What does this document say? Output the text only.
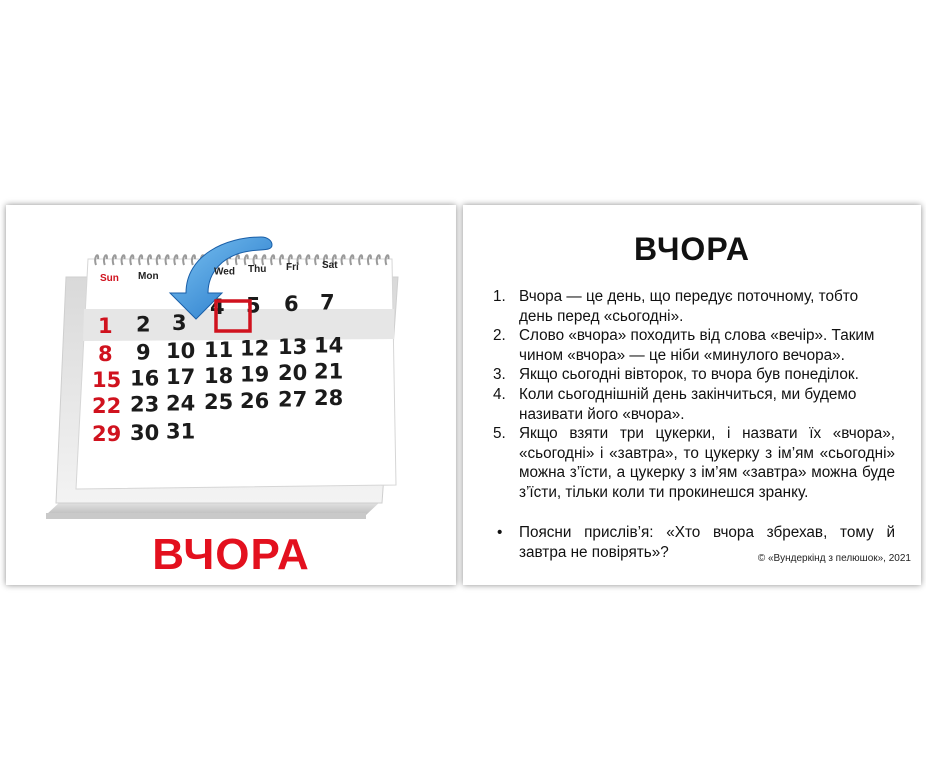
Sun Mon	Wed Thu Fri Sat
4 5 6 7
1 2 3
8 9 10 11 12 13 14
15 16 17 18 19 20 21
22 23 24 25 26 27 28
29 30 31
ВЧОРА
ВЧОРА
1. Вчора — це день, що передує поточному, тобто день перед «сьогодні».
2. Слово «вчора» походить від слова «вечір». Таким чином «вчора» — це ніби «минулого вечора».
3. Якщо сьогодні вівторок, то вчора був понеділок.
4. Коли сьогоднішній день закінчиться, ми будемо називати його «вчора».
5. Якщо взяти три цукерки, і назвати їх «вчора», «сьогодні» і «завтра», то цукерку з ім’ям «сьогодні» можна з’їсти, а цукерку з ім’ям «завтра» можна буде з’їсти, тільки коли ти прокинешся зранку.
• Поясни прислів’я: «Хто вчора збрехав, тому й завтра не повірять»?	© «Вундеркінд з пелюшок», 2021
